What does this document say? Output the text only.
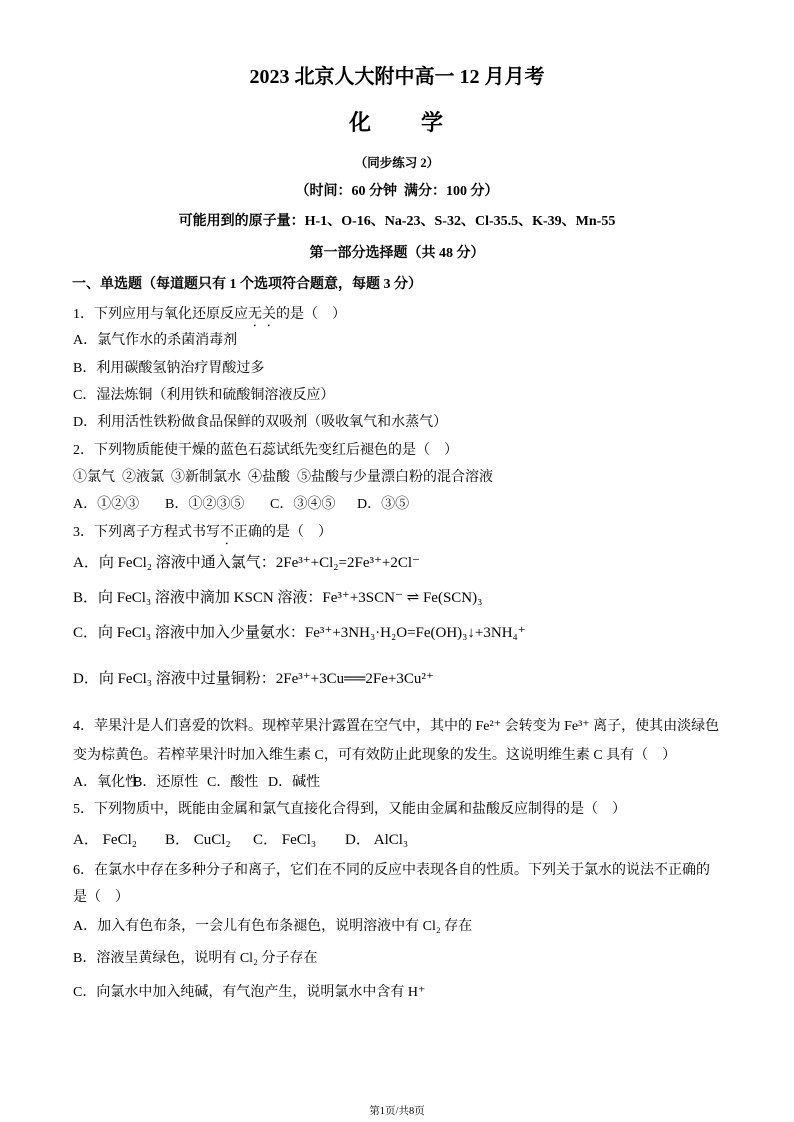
2023 北京人大附中高一 12 月月考
化　　学
（同步练习 2）
（时间：60 分钟  满分：100 分）
可能用到的原子量：H-1、O-16、Na-23、S-32、Cl-35.5、K-39、Mn-55
第一部分选择题（共 48 分）
一、单选题（每道题只有 1 个选项符合题意，每题 3 分）
1．下列应用与氧化还原反应无关的是（　）
A．氯气作水的杀菌消毒剂
B．利用碳酸氢钠治疗胃酸过多
C．湿法炼铜（利用铁和硫酸铜溶液反应）
D．利用活性铁粉做食品保鲜的双吸剂（吸收氧气和水蒸气）
2．下列物质能使干燥的蓝色石蕊试纸先变红后褪色的是（　）
①氯气  ②液氯  ③新制氯水  ④盐酸  ⑤盐酸与少量漂白粉的混合溶液
A．①②③ B．①②③⑤ C．③④⑤ D．③⑤
3．下列离子方程式书写不正确的是（　）
A．向 FeCl₂ 溶液中通入氯气：2Fe³⁺+Cl₂=2Fe³⁺+2Cl⁻
B．向 FeCl₃ 溶液中滴加 KSCN 溶液：Fe³⁺+3SCN⁻ ⇌ Fe(SCN)₃
C．向 FeCl₃ 溶液中加入少量氨水：Fe³⁺+3NH₃·H₂O=Fe(OH)₃↓+3NH₄⁺
D．向 FeCl₃ 溶液中过量铜粉：2Fe³⁺+3Cu══2Fe+3Cu²⁺
4．苹果汁是人们喜爱的饮料。现榨苹果汁露置在空气中，其中的 Fe²⁺ 会转变为 Fe³⁺ 离子，使其由淡绿色
变为棕黄色。若榨苹果汁时加入维生素 C，可有效防止此现象的发生。这说明维生素 C 具有（　）
A．氧化性
B．还原性 C．酸性 D．碱性
5．下列物质中，既能由金属和氯气直接化合得到，又能由金属和盐酸反应制得的是（　）
A． FeCl₂ B． CuCl₂ C． FeCl₃ D． AlCl₃
6．在氯水中存在多种分子和离子，它们在不同的反应中表现各自的性质。下列关于氯水的说法不正确的
是（　）
A．加入有色布条，一会儿有色布条褪色，说明溶液中有 Cl₂ 存在
B．溶液呈黄绿色，说明有 Cl₂ 分子存在
C．向氯水中加入纯碱，有气泡产生，说明氯水中含有 H⁺
第1页/共8页
